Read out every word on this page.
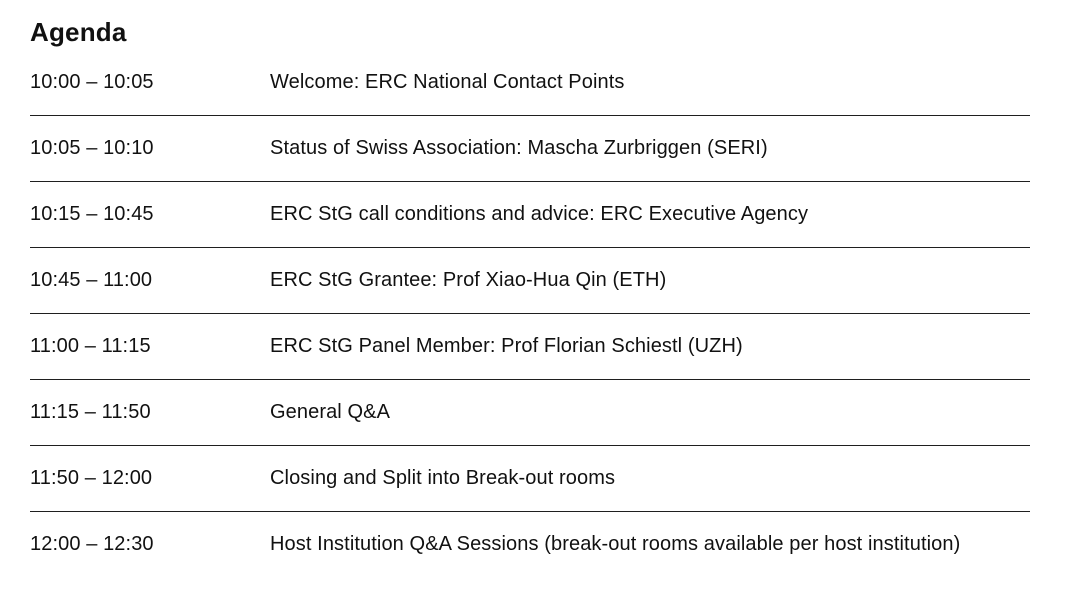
Agenda
10:00 – 10:05	Welcome: ERC National Contact Points
10:05 – 10:10	Status of Swiss Association: Mascha Zurbriggen (SERI)
10:15 – 10:45	ERC StG call conditions and advice: ERC Executive Agency
10:45 – 11:00	ERC StG Grantee: Prof Xiao-Hua Qin (ETH)
11:00 – 11:15	ERC StG Panel Member: Prof Florian Schiestl (UZH)
11:15 – 11:50	General Q&A
11:50 – 12:00	Closing and Split into Break-out rooms
12:00 – 12:30	Host Institution Q&A Sessions (break-out rooms available per host institution)
